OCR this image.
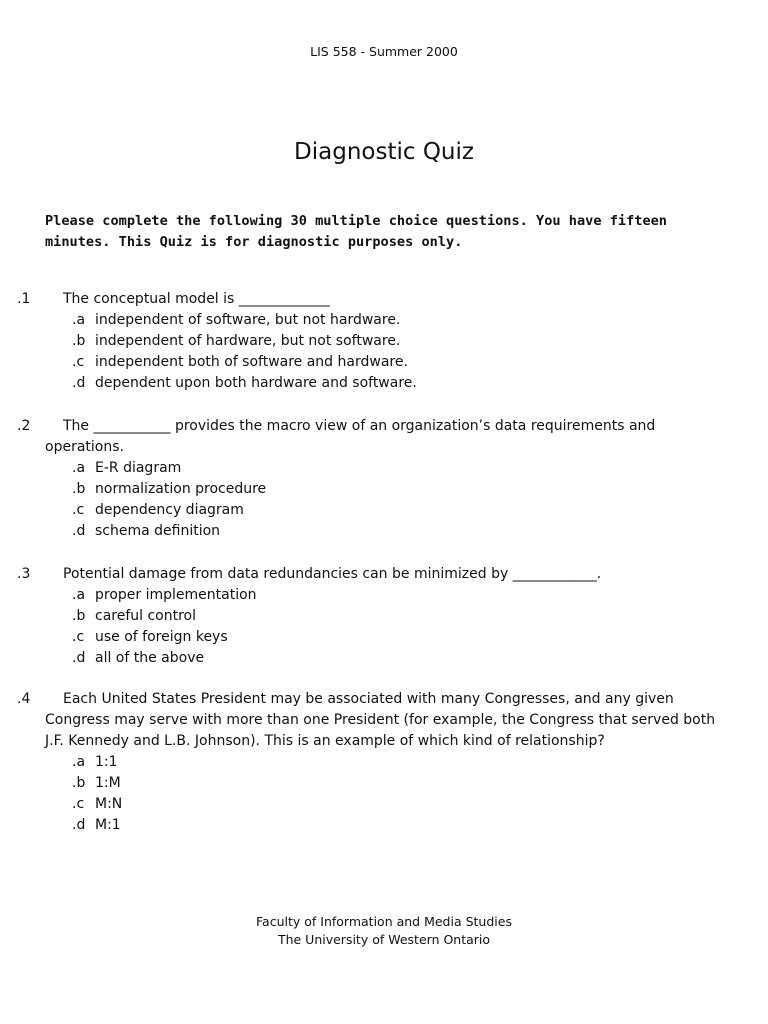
LIS 558 - Summer 2000
Diagnostic Quiz

Please complete the following 30 multiple choice questions. You have fifteen minutes. This Quiz is for diagnostic purposes only.

.1	The conceptual model is _____________

.a independent of software, but not hardware.
.b independent of hardware, but not software.
.c independent both of software and hardware.
.d dependent upon both hardware and software.
.2	The ___________ provides the macro view of an organization’s data requirements and operations.

.a E-R diagram
.b normalization procedure
.c dependency diagram
.d schema definition
.3	Potential damage from data redundancies can be minimized by ____________.

.a proper implementation
.b careful control
.c use of foreign keys
.d all of the above
.4	Each United States President may be associated with many Congresses, and any given Congress may serve with more than one President (for example, the Congress that served both J.F. Kennedy and L.B. Johnson). This is an example of which kind of relationship?

.a 1:1
.b 1:M
.c M:N
.d M:1
Faculty of Information and Media Studies
The University of Western Ontario
